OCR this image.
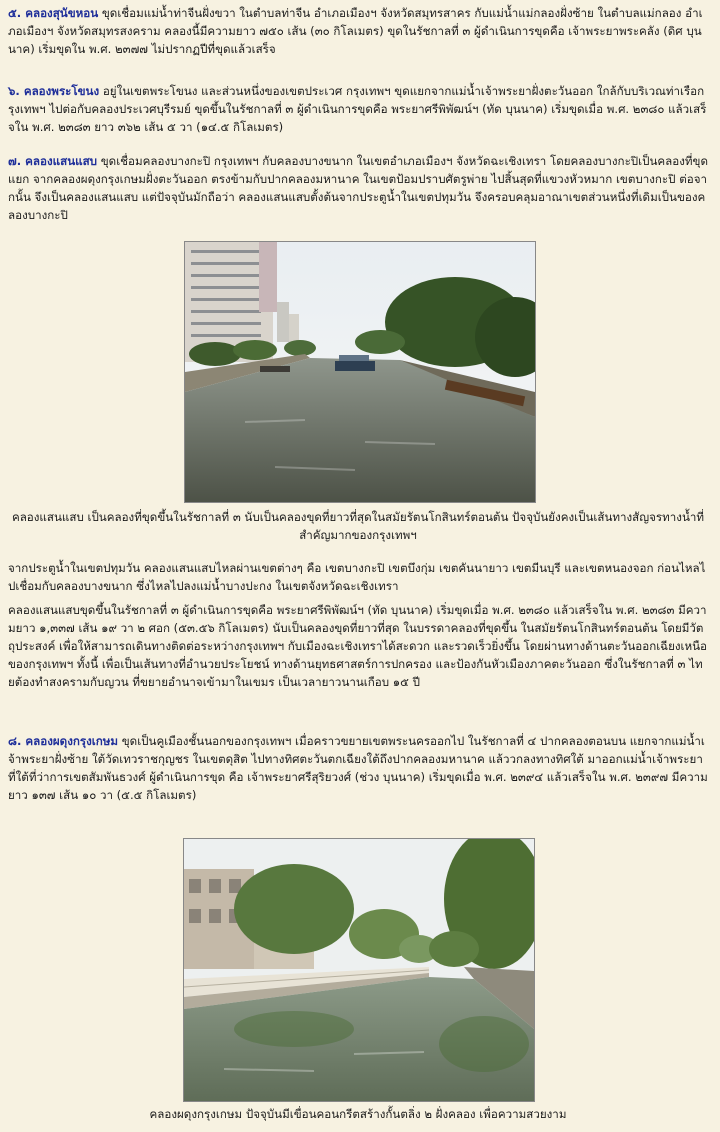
๕. คลองสุนัขหอน ขุดเชื่อมแม่น้ำท่าจีนฝั่งขวา ในตำบลท่าจีน อำเภอเมืองฯ จังหวัดสมุทรสาคร กับแม่น้ำแม่กลองฝั่งซ้าย ในตำบลแม่กลอง อำเภอเมืองฯ จังหวัดสมุทรสงคราม คลองนี้มีความยาว ๗๕๐ เส้น (๓๐ กิโลเมตร) ขุดในรัชกาลที่ ๓ ผู้ดำเนินการขุดคือ เจ้าพระยาพระคลัง (ดิศ บุนนาค) เริ่มขุดใน พ.ศ. ๒๓๗๗ ไม่ปรากฏปีที่ขุดแล้วเสร็จ

๖. คลองพระโขนง อยู่ในเขตพระโขนง และส่วนหนึ่งของเขตประเวศ กรุงเทพฯ ขุดแยกจากแม่น้ำเจ้าพระยาฝั่งตะวันออก ใกล้กับบริเวณท่าเรือกรุงเทพฯ ไปต่อกับคลองประเวศบุรีรมย์ ขุดขึ้นในรัชกาลที่ ๓ ผู้ดำเนินการขุดคือ พระยาศรีพิพัฒน์ฯ (ทัด บุนนาค) เริ่มขุดเมื่อ พ.ศ. ๒๓๘๐ แล้วเสร็จใน พ.ศ. ๒๓๘๓ ยาว ๓๖๒ เส้น ๕ วา (๑๔.๕ กิโลเมตร)

๗. คลองแสนแสบ ขุดเชื่อมคลองบางกะปิ กรุงเทพฯ กับคลองบางขนาก ในเขตอำเภอเมืองฯ จังหวัดฉะเชิงเทรา โดยคลองบางกะปิเป็นคลองที่ขุดแยก จากคลองผดุงกรุงเกษมฝั่งตะวันออก ตรงข้ามกับปากคลองมหานาค ในเขตป้อมปราบศัตรูพ่าย ไปสิ้นสุดที่แขวงหัวหมาก เขตบางกะปิ ต่อจากนั้น จึงเป็นคลองแสนแสบ แต่ปัจจุบันมักถือว่า คลองแสนแสบตั้งต้นจากประตูน้ำในเขตปทุมวัน จึงครอบคลุมอาณาเขตส่วนหนึ่งที่เดิมเป็นของคลองบางกะปิ

คลองแสนแสบ เป็นคลองที่ขุดขึ้นในรัชกาลที่ ๓ นับเป็นคลองขุดที่ยาวที่สุดในสมัยรัตนโกสินทร์ตอนต้น ปัจจุบันยังคงเป็นเส้นทางสัญจรทางน้ำที่สำคัญมากของกรุงเทพฯ

จากประตูน้ำในเขตปทุมวัน คลองแสนแสบไหลผ่านเขตต่างๆ คือ เขตบางกะปิ เขตบึงกุ่ม เขตคันนายาว เขตมีนบุรี และเขตหนองจอก ก่อนไหลไปเชื่อมกับคลองบางขนาก ซึ่งไหลไปลงแม่น้ำบางปะกง ในเขตจังหวัดฉะเชิงเทรา

คลองแสนแสบขุดขึ้นในรัชกาลที่ ๓ ผู้ดำเนินการขุดคือ พระยาศรีพิพัฒน์ฯ (ทัด บุนนาค) เริ่มขุดเมื่อ พ.ศ. ๒๓๘๐ แล้วเสร็จใน พ.ศ. ๒๓๘๓ มีความยาว ๑,๓๓๗ เส้น ๑๙ วา ๒ ศอก (๕๓.๕๖ กิโลเมตร) นับเป็นคลองขุดที่ยาวที่สุด ในบรรดาคลองที่ขุดขึ้น ในสมัยรัตนโกสินทร์ตอนต้น โดยมีวัตถุประสงค์ เพื่อให้สามารถเดินทางติดต่อระหว่างกรุงเทพฯ กับเมืองฉะเชิงเทราได้สะดวก และรวดเร็วยิ่งขึ้น โดยผ่านทางด้านตะวันออกเฉียงเหนือของกรุงเทพฯ ทั้งนี้ เพื่อเป็นเส้นทางที่อำนวยประโยชน์ ทางด้านยุทธศาสตร์การปกครอง และป้องกันหัวเมืองภาคตะวันออก ซึ่งในรัชกาลที่ ๓ ไทยต้องทำสงครามกับญวน ที่ขยายอำนาจเข้ามาในเขมร เป็นเวลายาวนานเกือบ ๑๕ ปี

๘. คลองผดุงกรุงเกษม ขุดเป็นคูเมืองชั้นนอกของกรุงเทพฯ เมื่อคราวขยายเขตพระนครออกไป ในรัชกาลที่ ๔ ปากคลองตอนบน แยกจากแม่น้ำเจ้าพระยาฝั่งซ้าย ใต้วัดเทวราชกุญชร ในเขตดุสิต ไปทางทิศตะวันตกเฉียงใต้ถึงปากคลองมหานาค แล้ววกลงทางทิศใต้ มาออกแม่น้ำเจ้าพระยา ที่ใต้ที่ว่าการเขตสัมพันธวงศ์ ผู้ดำเนินการขุด คือ เจ้าพระยาศรีสุริยวงศ์ (ช่วง บุนนาค) เริ่มขุดเมื่อ พ.ศ. ๒๓๙๔ แล้วเสร็จใน พ.ศ. ๒๓๙๗ มีความยาว ๑๓๗ เส้น ๑๐ วา (๕.๕ กิโลเมตร)

คลองผดุงกรุงเกษม ปัจจุบันมีเขื่อนคอนกรีตสร้างกั้นตลิ่ง ๒ ฝั่งคลอง เพื่อความสวยงาม
